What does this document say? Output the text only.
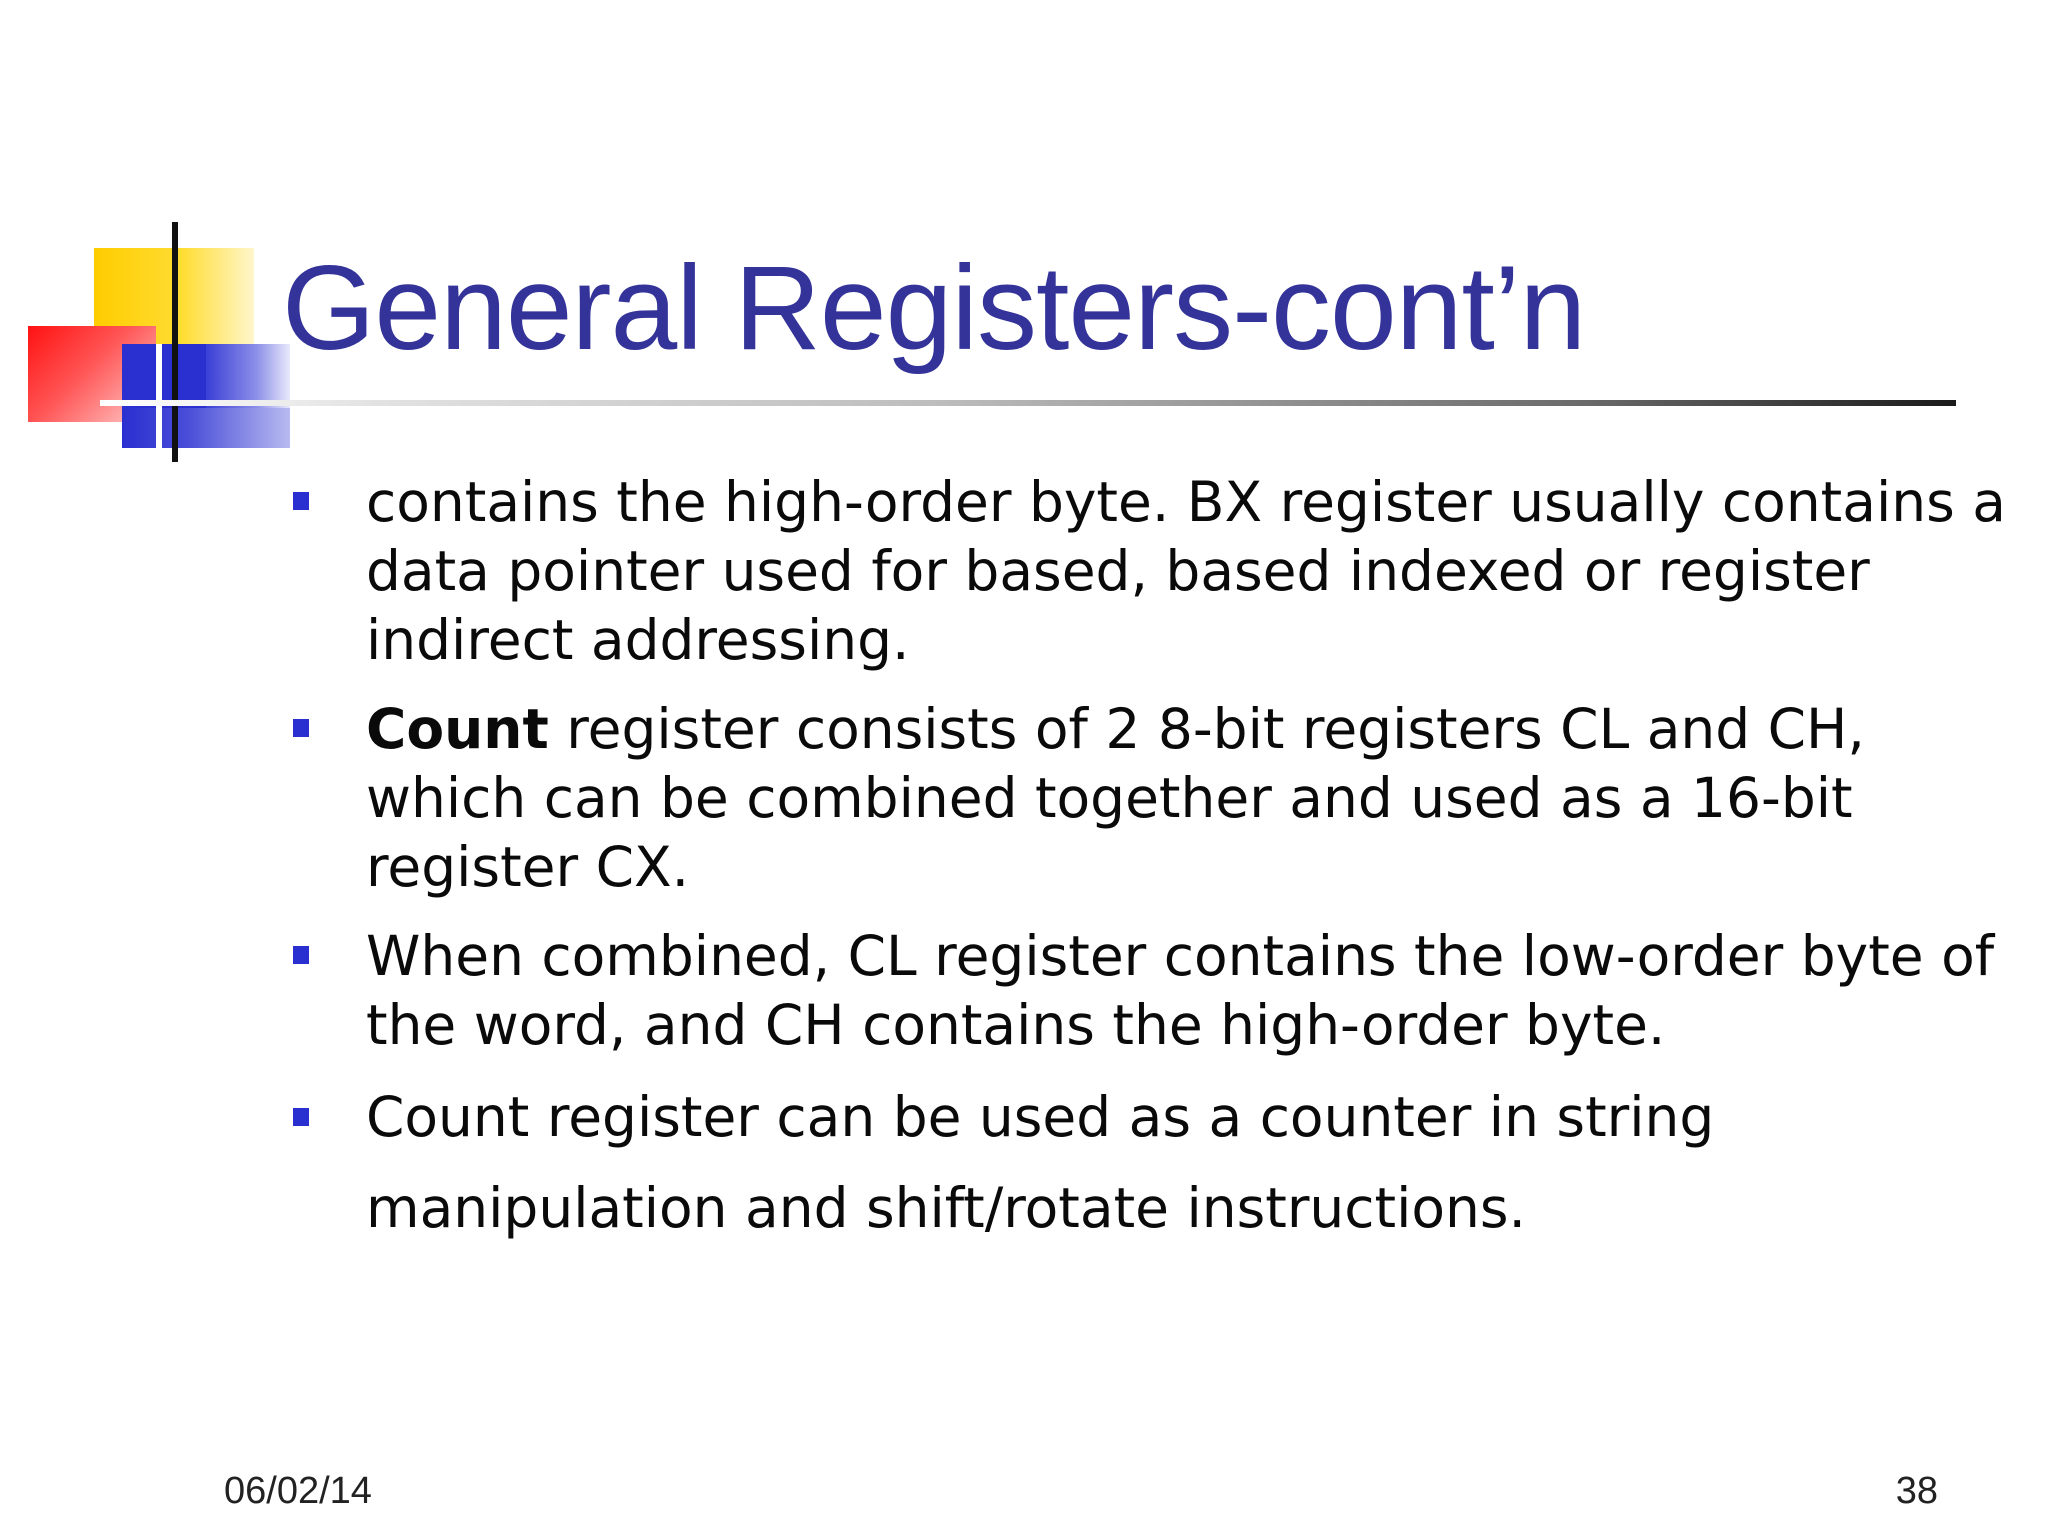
General Registers-cont’n
contains the high-order byte. BX register usually contains a data pointer used for based, based indexed or register indirect addressing.
Count register consists of 2 8-bit registers CL and CH, which can be combined together and used as a 16-bit register CX.
When combined, CL register contains the low-order byte of the word, and CH contains the high-order byte.
Count register can be used as a counter in string manipulation and shift/rotate instructions.
06/02/14	38
